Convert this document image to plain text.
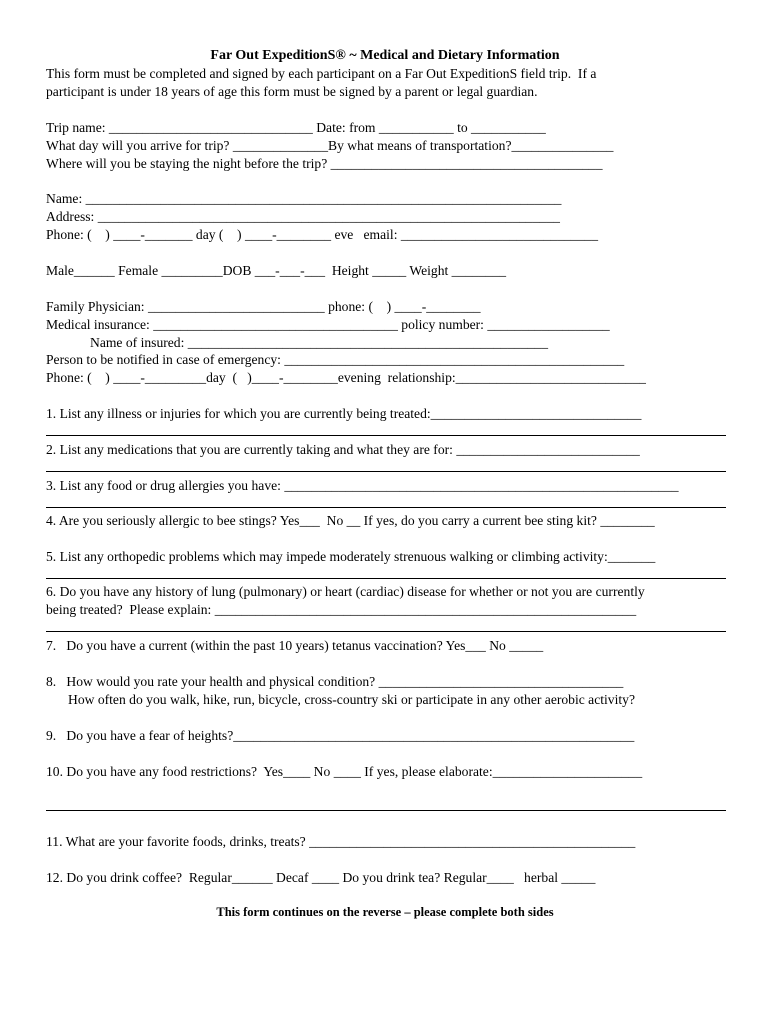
Far Out ExpeditionS® ~ Medical and Dietary Information
This form must be completed and signed by each participant on a Far Out ExpeditionS field trip.  If a
participant is under 18 years of age this form must be signed by a parent or legal guardian.
Trip name: ______________________________ Date: from ___________ to ___________
What day will you arrive for trip? ______________By what means of transportation?_______________
Where will you be staying the night before the trip? ________________________________________
Name: ______________________________________________________________________
Address: ____________________________________________________________________
Phone: (    ) ____-_______ day (    ) ____-________ eve   email: _____________________________
Male______ Female _________DOB ___-___-___  Height _____ Weight ________
Family Physician: __________________________ phone: (    ) ____-________
Medical insurance: ____________________________________ policy number: __________________
Name of insured: _____________________________________________________
Person to be notified in case of emergency: __________________________________________________
Phone: (    ) ____-_________day  (   )____-________evening  relationship:____________________________
1. List any illness or injuries for which you are currently being treated:_______________________________
2. List any medications that you are currently taking and what they are for: ___________________________
3. List any food or drug allergies you have: __________________________________________________________
4. Are you seriously allergic to bee stings? Yes___  No __ If yes, do you carry a current bee sting kit? ________
5. List any orthopedic problems which may impede moderately strenuous walking or climbing activity:_______
6. Do you have any history of lung (pulmonary) or heart (cardiac) disease for whether or not you are currently
being treated?  Please explain: ______________________________________________________________
7.   Do you have a current (within the past 10 years) tetanus vaccination? Yes___ No _____
8.   How would you rate your health and physical condition? ____________________________________
How often do you walk, hike, run, bicycle, cross-country ski or participate in any other aerobic activity?
9.   Do you have a fear of heights?___________________________________________________________
10. Do you have any food restrictions?  Yes____ No ____ If yes, please elaborate:______________________
11. What are your favorite foods, drinks, treats? ________________________________________________
12. Do you drink coffee?  Regular______ Decaf ____ Do you drink tea? Regular____   herbal _____
This form continues on the reverse – please complete both sides
